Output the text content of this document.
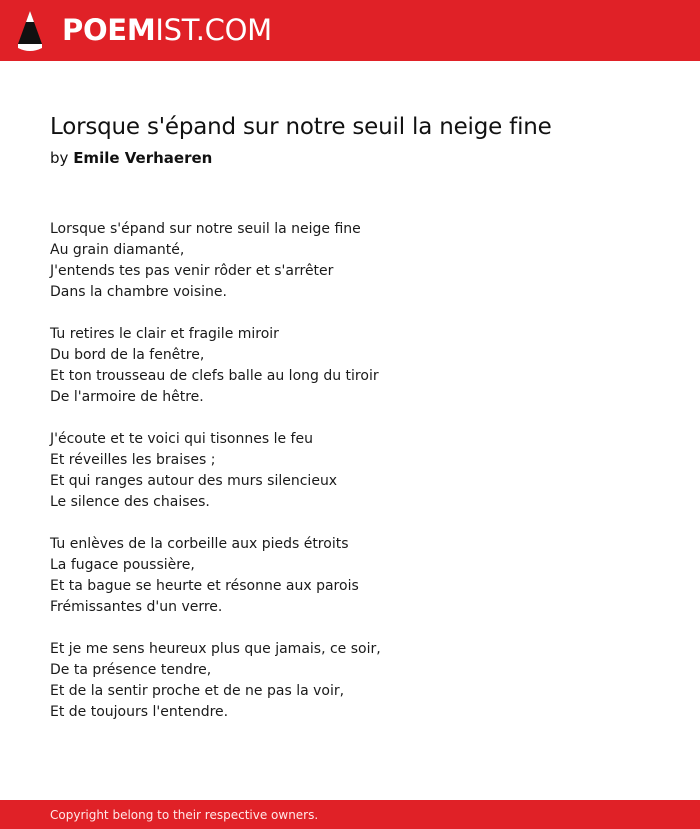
POEMIST.COM
Lorsque s'épand sur notre seuil la neige fine
by Emile Verhaeren
Lorsque s'épand sur notre seuil la neige fine
Au grain diamanté,
J'entends tes pas venir rôder et s'arrêter
Dans la chambre voisine.
Tu retires le clair et fragile miroir
Du bord de la fenêtre,
Et ton trousseau de clefs balle au long du tiroir
De l'armoire de hêtre.
J'écoute et te voici qui tisonnes le feu
Et réveilles les braises ;
Et qui ranges autour des murs silencieux
Le silence des chaises.
Tu enlèves de la corbeille aux pieds étroits
La fugace poussière,
Et ta bague se heurte et résonne aux parois
Frémissantes d'un verre.
Et je me sens heureux plus que jamais, ce soir,
De ta présence tendre,
Et de la sentir proche et de ne pas la voir,
Et de toujours l'entendre.
Copyright belong to their respective owners.
